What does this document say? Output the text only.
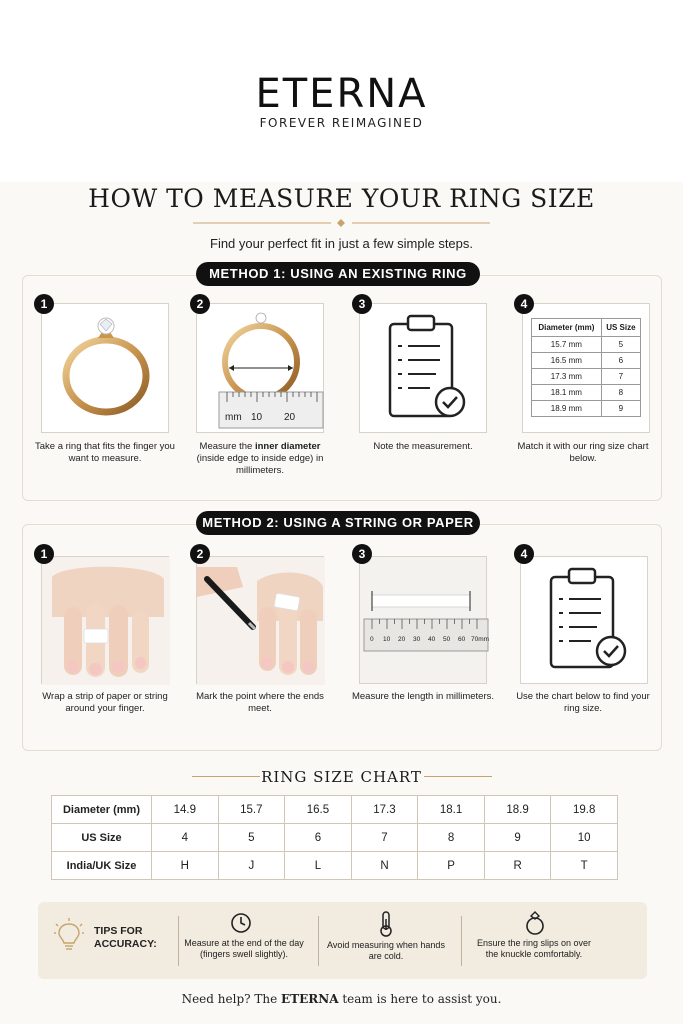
ETERNA
FOREVER REIMAGINED
HOW TO MEASURE YOUR RING SIZE
Find your perfect fit in just a few simple steps.
METHOD 1: USING AN EXISTING RING
1
Take a ring that fits the finger you want to measure.
2
mm 10 20
Measure the inner diameter (inside edge to inside edge) in millimeters.
3
Note the measurement.
4
Diameter (mm)	US Size
15.7 mm	5
16.5 mm	6
17.3 mm	7
18.1 mm	8
18.9 mm	9
Match it with our ring size chart below.
METHOD 2: USING A STRING OR PAPER
1
Wrap a strip of paper or string around your finger.
2
Mark the point where the ends meet.
3
0 10 20 30 40 50 60 70mm
Measure the length in millimeters.
4
Use the chart below to find your ring size.
RING SIZE CHART
Diameter (mm)	14.9	15.7	16.5	17.3	18.1	18.9	19.8
US Size	4	5	6	7	8	9	10
India/UK Size	H	J	L	N	P	R	T
TIPS FOR
ACCURACY:	Measure at the end of the day (fingers swell slightly).
Avoid measuring when hands are cold.
Ensure the ring slips on over the knuckle comfortably.
Need help? The ETERNA team is here to assist you.
